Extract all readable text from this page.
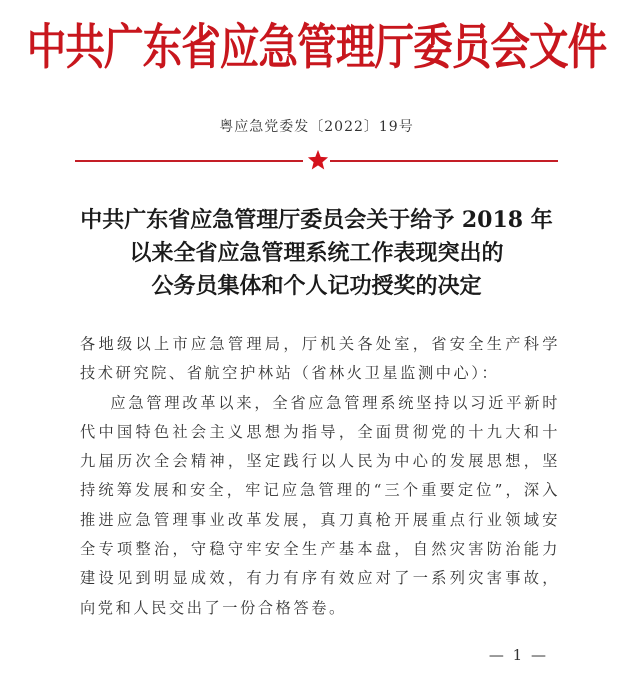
中共广东省应急管理厅委员会文件
粤应急党委发〔2022〕19号
中共广东省应急管理厅委员会关于给予 2018 年
以来全省应急管理系统工作表现突出的
公务员集体和个人记功授奖的决定

各地级以上市应急管理局，厅机关各处室，省安全生产科学技术研究院、省航空护林站（省林火卫星监测中心）：

应急管理改革以来，全省应急管理系统坚持以习近平新时代中国特色社会主义思想为指导，全面贯彻党的十九大和十九届历次全会精神，坚定践行以人民为中心的发展思想，坚持统筹发展和安全，牢记应急管理的“三个重要定位”，深入推进应急管理事业改革发展，真刀真枪开展重点行业领域安全专项整治，守稳守牢安全生产基本盘，自然灾害防治能力建设见到明显成效，有力有序有效应对了一系列灾害事故，向党和人民交出了一份合格答卷。

— 1 —
